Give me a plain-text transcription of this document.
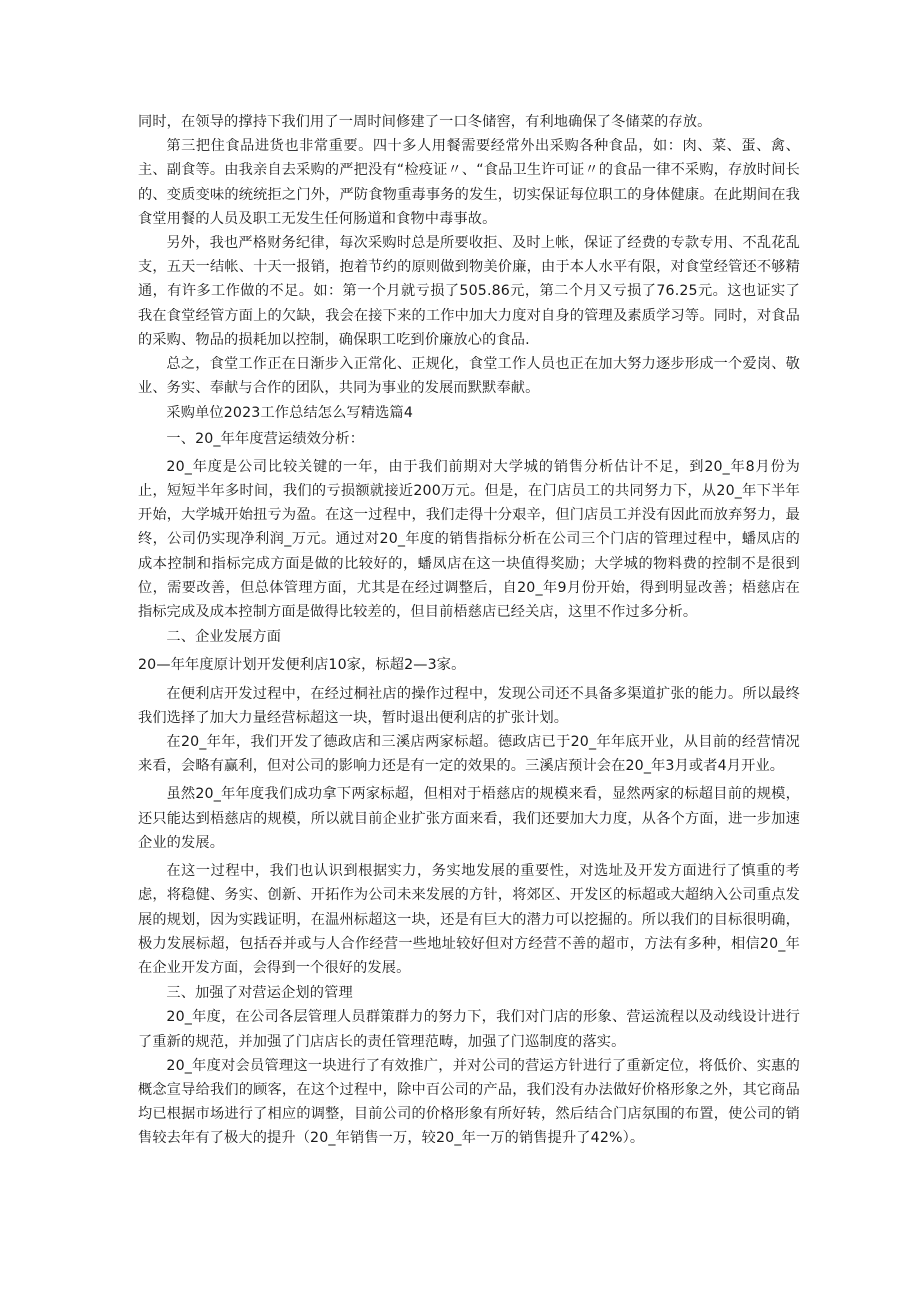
同时，在领导的撑持下我们用了一周时间修建了一口冬储窖，有利地确保了冬储菜的存放。

第三把住食品进货也非常重要。四十多人用餐需要经常外出采购各种食品，如：肉、菜、蛋、禽、主、副食等。由我亲自去采购的严把没有“检疫证〃、“食品卫生许可证〃的食品一律不采购，存放时间长的、变质变味的统统拒之门外，严防食物重毒事务的发生，切实保证每位职工的身体健康。在此期间在我食堂用餐的人员及职工无发生任何肠道和食物中毒事故。

另外，我也严格财务纪律，每次采购时总是所要收拒、及时上帐，保证了经费的专款专用、不乱花乱支，五天一结帐、十天一报销，抱着节约的原则做到物美价廉，由于本人水平有限，对食堂经管还不够精通，有许多工作做的不足。如：第一个月就亏损了505.86元，第二个月又亏损了76.25元。这也证实了我在食堂经管方面上的欠缺，我会在接下来的工作中加大力度对自身的管理及素质学习等。同时，对食品的采购、物品的损耗加以控制，确保职工吃到价廉放心的食品.

总之，食堂工作正在日渐步入正常化、正规化，食堂工作人员也正在加大努力逐步形成一个爱岗、敬业、务实、奉献与合作的团队，共同为事业的发展而默默奉献。

采购单位2023工作总结怎么写精选篇4

一、20_年年度营运绩效分析：

20_年度是公司比较关键的一年，由于我们前期对大学城的销售分析估计不足，到20_年8月份为止，短短半年多时间，我们的亏损额就接近200万元。但是，在门店员工的共同努力下，从20_年下半年开始，大学城开始扭亏为盈。在这一过程中，我们走得十分艰辛，但门店员工并没有因此而放弃努力，最终，公司仍实现净利润_万元。通过对20_年度的销售指标分析在公司三个门店的管理过程中，蟠凤店的成本控制和指标完成方面是做的比较好的，蟠凤店在这一块值得奖励；大学城的物料费的控制不是很到位，需要改善，但总体管理方面，尤其是在经过调整后，自20_年9月份开始，得到明显改善；梧慈店在指标完成及成本控制方面是做得比较差的，但目前梧慈店已经关店，这里不作过多分析。

二、企业发展方面

20—年年度原计划开发便利店10家，标超2—3家。

在便利店开发过程中，在经过桐社店的操作过程中，发现公司还不具备多渠道扩张的能力。所以最终我们选择了加大力量经营标超这一块，暂时退出便利店的扩张计划。

在20_年年，我们开发了德政店和三溪店两家标超。德政店已于20_年年底开业，从目前的经营情况来看，会略有赢利，但对公司的影响力还是有一定的效果的。三溪店预计会在20_年3月或者4月开业。

虽然20_年年度我们成功拿下两家标超，但相对于梧慈店的规模来看，显然两家的标超目前的规模，还只能达到梧慈店的规模，所以就目前企业扩张方面来看，我们还要加大力度，从各个方面，进一步加速企业的发展。

在这一过程中，我们也认识到根据实力，务实地发展的重要性，对选址及开发方面进行了慎重的考虑，将稳健、务实、创新、开拓作为公司未来发展的方针，将郊区、开发区的标超或大超纳入公司重点发展的规划，因为实践证明，在温州标超这一块，还是有巨大的潜力可以挖掘的。所以我们的目标很明确，极力发展标超，包括吞并或与人合作经营一些地址较好但对方经营不善的超市，方法有多种，相信20_年在企业开发方面，会得到一个很好的发展。

三、加强了对营运企划的管理

20_年度，在公司各层管理人员群策群力的努力下，我们对门店的形象、营运流程以及动线设计进行了重新的规范，并加强了门店店长的责任管理范畴，加强了门巡制度的落实。

20_年度对会员管理这一块进行了有效推广，并对公司的营运方针进行了重新定位，将低价、实惠的概念宣导给我们的顾客，在这个过程中，除中百公司的产品，我们没有办法做好价格形象之外，其它商品均已根据市场进行了相应的调整，目前公司的价格形象有所好转，然后结合门店氛围的布置，使公司的销售较去年有了极大的提升（20_年销售一万，较20_年一万的销售提升了42%）。
